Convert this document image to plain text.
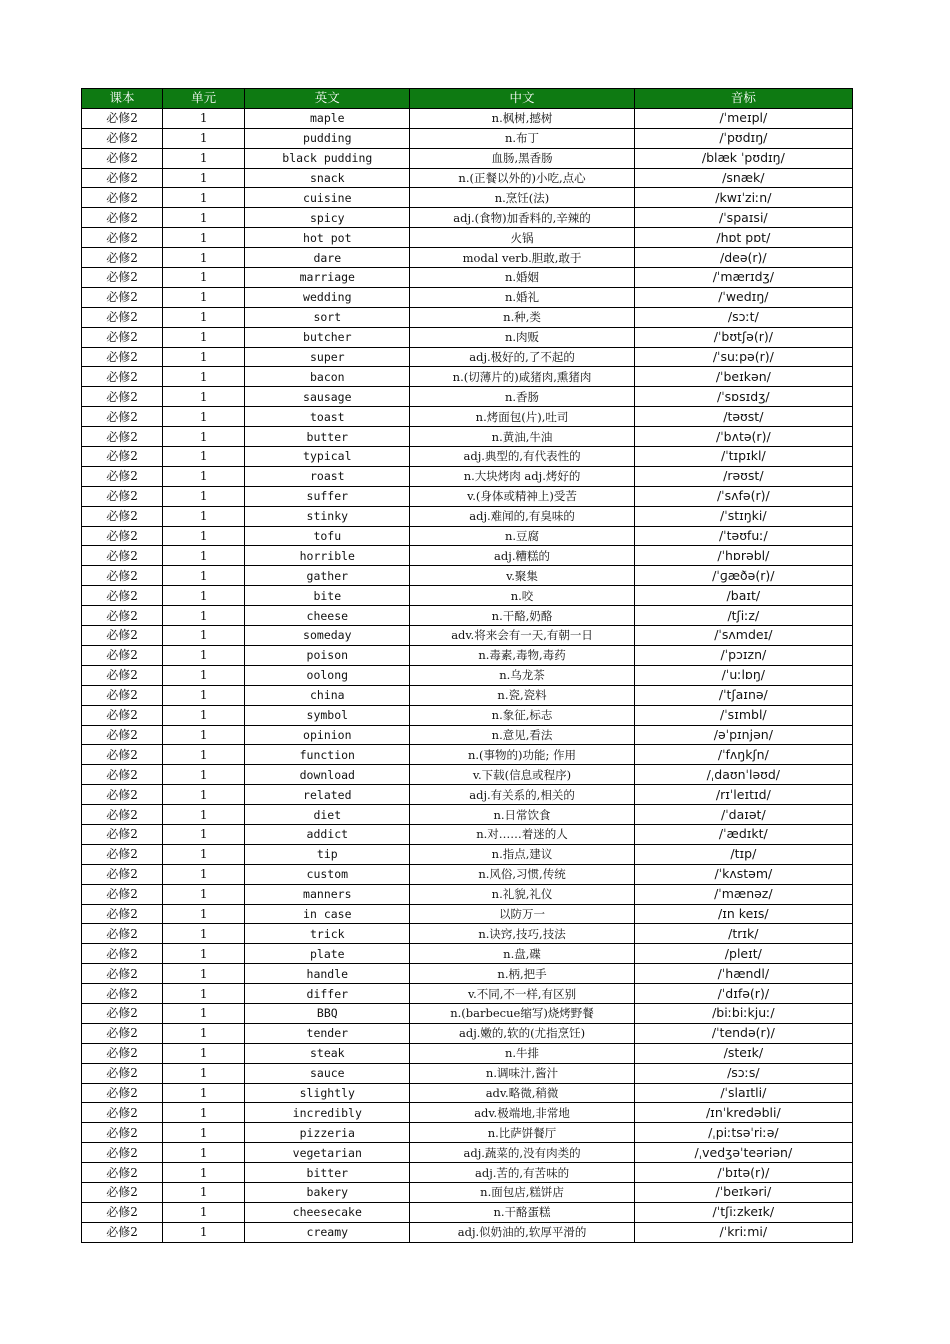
课本	单元	英文	中文	音标
必修2	1	maple	n.枫树,撼树	/ˈmeɪpl/
必修2	1	pudding	n.布丁	/ˈpʊdɪŋ/
必修2	1	black pudding	血肠,黑香肠	/blæk ˈpʊdɪŋ/
必修2	1	snack	n.(正餐以外的)小吃,点心	/snæk/
必修2	1	cuisine	n.烹饪(法)	/kwɪˈziːn/
必修2	1	spicy	adj.(食物)加香料的,辛辣的	/ˈspaɪsi/
必修2	1	hot pot	火锅	/hɒt pɒt/
必修2	1	dare	modal verb.胆敢,敢于	/deə(r)/
必修2	1	marriage	n.婚姻	/ˈmærɪdʒ/
必修2	1	wedding	n.婚礼	/ˈwedɪŋ/
必修2	1	sort	n.种,类	/sɔːt/
必修2	1	butcher	n.肉贩	/ˈbʊtʃə(r)/
必修2	1	super	adj.极好的,了不起的	/ˈsuːpə(r)/
必修2	1	bacon	n.(切薄片的)咸猪肉,熏猪肉	/ˈbeɪkən/
必修2	1	sausage	n.香肠	/ˈsɒsɪdʒ/
必修2	1	toast	n.烤面包(片),吐司	/təʊst/
必修2	1	butter	n.黄油,牛油	/ˈbʌtə(r)/
必修2	1	typical	adj.典型的,有代表性的	/ˈtɪpɪkl/
必修2	1	roast	n.大块烤肉 adj.烤好的	/rəʊst/
必修2	1	suffer	v.(身体或精神上)受苦	/ˈsʌfə(r)/
必修2	1	stinky	adj.难闻的,有臭味的	/ˈstɪŋki/
必修2	1	tofu	n.豆腐	/ˈtəʊfuː/
必修2	1	horrible	adj.糟糕的	/ˈhɒrəbl/
必修2	1	gather	v.聚集	/ˈɡæðə(r)/
必修2	1	bite	n.咬	/baɪt/
必修2	1	cheese	n.干酪,奶酪	/tʃiːz/
必修2	1	someday	adv.将来会有一天,有朝一日	/ˈsʌmdeɪ/
必修2	1	poison	n.毒素,毒物,毒药	/ˈpɔɪzn/
必修2	1	oolong	n.乌龙茶	/ˈuːlɒŋ/
必修2	1	china	n.瓷,瓷料	/ˈtʃaɪnə/
必修2	1	symbol	n.象征,标志	/ˈsɪmbl/
必修2	1	opinion	n.意见,看法	/əˈpɪnjən/
必修2	1	function	n.(事物的)功能; 作用	/ˈfʌŋkʃn/
必修2	1	download	v.下载(信息或程序)	/ˌdaʊnˈləʊd/
必修2	1	related	adj.有关系的,相关的	/rɪˈleɪtɪd/
必修2	1	diet	n.日常饮食	/ˈdaɪət/
必修2	1	addict	n.对……着迷的人	/ˈædɪkt/
必修2	1	tip	n.指点,建议	/tɪp/
必修2	1	custom	n.风俗,习惯,传统	/ˈkʌstəm/
必修2	1	manners	n.礼貌,礼仪	/ˈmænəz/
必修2	1	in case	以防万一	/ɪn keɪs/
必修2	1	trick	n.诀窍,技巧,技法	/trɪk/
必修2	1	plate	n.盘,碟	/pleɪt/
必修2	1	handle	n.柄,把手	/ˈhændl/
必修2	1	differ	v.不同,不一样,有区别	/ˈdɪfə(r)/
必修2	1	BBQ	n.(barbecue缩写)烧烤野餐	/biːbiːkjuː/
必修2	1	tender	adj.嫩的,软的(尤指烹饪)	/ˈtendə(r)/
必修2	1	steak	n.牛排	/steɪk/
必修2	1	sauce	n.调味汁,酱汁	/sɔːs/
必修2	1	slightly	adv.略微,稍微	/ˈslaɪtli/
必修2	1	incredibly	adv.极端地,非常地	/ɪnˈkredəbli/
必修2	1	pizzeria	n.比萨饼餐厅	/ˌpiːtsəˈriːə/
必修2	1	vegetarian	adj.蔬菜的,没有肉类的	/ˌvedʒəˈteəriən/
必修2	1	bitter	adj.苦的,有苦味的	/ˈbɪtə(r)/
必修2	1	bakery	n.面包店,糕饼店	/ˈbeɪkəri/
必修2	1	cheesecake	n.干酪蛋糕	/ˈtʃiːzkeɪk/
必修2	1	creamy	adj.似奶油的,软厚平滑的	/ˈkriːmi/
